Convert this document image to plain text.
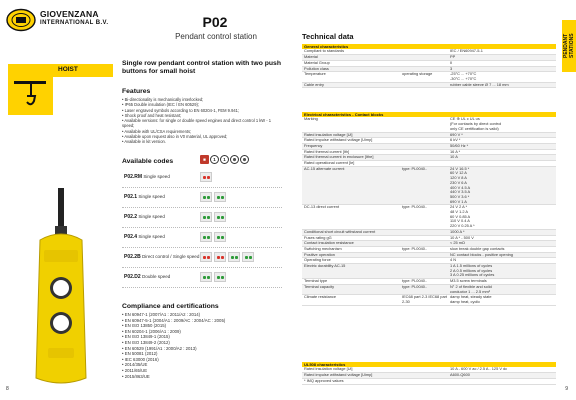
GIOVENZANA
INTERNATIONAL B.V.	P02
Pendant control station
HOIST
Single row pendant control station with two push buttons for small hoist
Features
• Bi-directionality is mechanically interlocked;
• IP65 Double insulation (IEC / EN 60529);
• Laser engraved symbols according to EN 60204-1, FEM 9.941;
• Shock proof and heat resistant;
• Available versions: for single or double speed engines and direct control 1 kW - 1 speed;
• Available with UL/CSA requirements;
• Available upon request also in V0 material, UL approved;
• Available in kit version.
Available codes	■	1	1	⊕	⊕
P02.RM Single speed
P02.1 Single speed
P02.2 Single speed
P02.4 Single speed
P02.2B Direct control / Single speed
P02.D2 Double speed
Compliance and certifications
• EN 60947-1 (2007/A1 : 2011/A2 : 2014)
• EN 60947-5-1 (2004/A1 : 2009/AC : 2004/AC : 2005)
• EN ISO 13850 (2015)
• EN 60204-1 (2006/A1 : 2009)
• EN ISO 13849-1 (2015)
• EN ISO 13849-2 (2012)
• EN 60529 (1991/A1 : 2000/A2 : 2013)
• EN 50081 (2012)
• IEC 63000 (2016)
• 2014/35/UE
• 2011/65/UE
• 2015/863/UE
8
Technical data	PENDANT STATIONS
General characteristics
Compliant to standards	IEC / EN60947-5-1
Material	PP
Material Group	II
Pollution class	3
Temperature	operating storage	-25°C ... +70°C
-30°C ... +70°C
Cable entry	rubber cable sleeve Ø 7 ... 18 mm
Electrical characteristics - Contact blocks
Marking	CE ⊕ UL c UL us
(For contacts by direct control
only CE certification is valid)
Rated insulation voltage [Ui]	690 V *
Rated impulse withstand voltage [Uimp]	6 kV *
Frequency	50/60 Hz *
Rated thermal current [Ith]	16 A *
Rated thermal current in enclosure [Ithe]	10 A
Rated operational current [Ie]
AC-15 alternate current	type: PL0040..	24 V 16.5 *
60 V 12 A
120 V 8 A
230 V 6 A
400 V 4.5 A
440 V 3.5 A
500 V 3.6 *
690 V 1 A
DC-13 direct current	type: PL0040..	24 V 2 A *
48 V 1.2 A
60 V 0.85 A
110 V 0.4 A
220 V 0.25 A *
Conditional short circuit withstand current	1000 A *
Fuses rating gG	10 A * - 500 V
Contact insulation resistance	< 25 mΩ
Switching mechanism	type: PL0040..	slow break double gap contacts
Positive operation	NC contact blocks - positive opening
Operating force	4 N
Electric durability AC-15	1 A 1.5 millions of cycles
2 A 0.5 millions of cycles
3 A 0.25 millions of cycles
Terminal type	type: PL0040..	M3.5 screw terminals
Terminal capacity	type: PL0040..	N° 2 of flexible and solid
conductor 1 ... 2.5 mm²
Climate resistance	IEC68 part 2-3 IEC68 part 2-30
damp heat, steady state
damp heat, cyclic
UL508 characteristics
Rated insulation voltage [Ui]	10 A - 600 V ac / 2.5 A - 125 V dc
Rated impulse withstand voltage [Uimp]	A600-Q600
* IMQ approved values
9
